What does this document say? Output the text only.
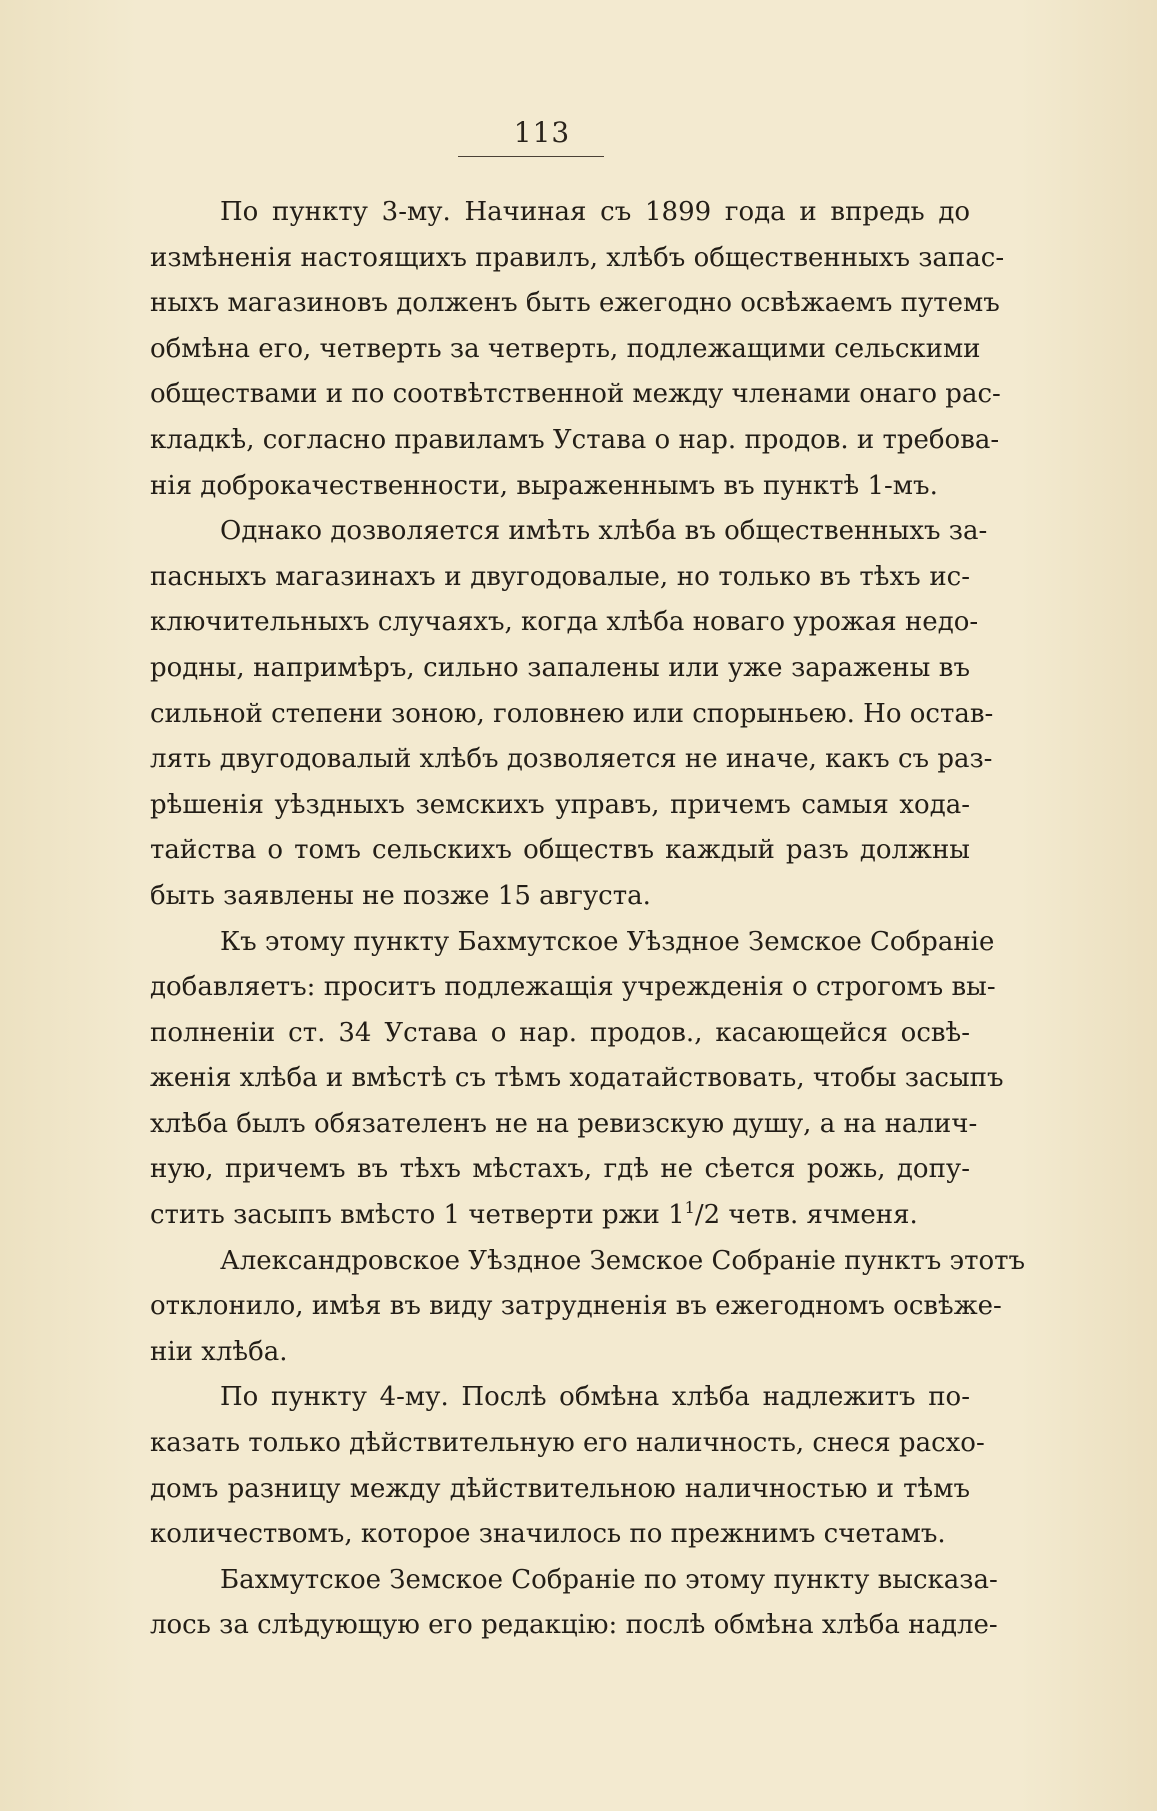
113
По пункту 3-му. Начиная съ 1899 года и впредь до
измѣненія настоящихъ правилъ, хлѣбъ общественныхъ запас-
ныхъ магазиновъ долженъ быть ежегодно освѣжаемъ путемъ
обмѣна его, четверть за четверть, подлежащими сельскими
обществами и по соотвѣтственной между членами онаго рас-
кладкѣ, согласно правиламъ Устава о нар. продов. и требова-
нія доброкачественности, выраженнымъ въ пунктѣ 1-мъ.
Однако дозволяется имѣть хлѣба въ общественныхъ за-
пасныхъ магазинахъ и двугодовалые, но только въ тѣхъ ис-
ключительныхъ случаяхъ, когда хлѣба новаго урожая недо-
родны, напримѣръ, сильно запалены или уже заражены въ
сильной степени зоною, головнею или спорыньею. Но остав-
лять двугодовалый хлѣбъ дозволяется не иначе, какъ съ раз-
рѣшенія уѣздныхъ земскихъ управъ, причемъ самыя хода-
тайства о томъ сельскихъ обществъ каждый разъ должны
быть заявлены не позже 15 августа.
Къ этому пункту Бахмутское Уѣздное Земское Собраніе
добавляетъ: проситъ подлежащія учрежденія о строгомъ вы-
полненіи ст. 34 Устава о нар. продов., касающейся освѣ-
женія хлѣба и вмѣстѣ съ тѣмъ ходатайствовать, чтобы засыпъ
хлѣба былъ обязателенъ не на ревизскую душу, а на налич-
ную, причемъ въ тѣхъ мѣстахъ, гдѣ не сѣется рожь, допу-
стить засыпъ вмѣсто 1 четверти ржи $1^1/2$ четв. ячменя.
Александровское Уѣздное Земское Собраніе пунктъ этотъ
отклонило, имѣя въ виду затрудненія въ ежегодномъ освѣже-
ніи хлѣба.
По пункту 4-му. Послѣ обмѣна хлѣба надлежитъ по-
казать только дѣйствительную его наличность, снеся расхо-
домъ разницу между дѣйствительною наличностью и тѣмъ
количествомъ, которое значилось по прежнимъ счетамъ.
Бахмутское Земское Собраніе по этому пункту высказа-
лось за слѣдующую его редакцію: послѣ обмѣна хлѣба надле-
